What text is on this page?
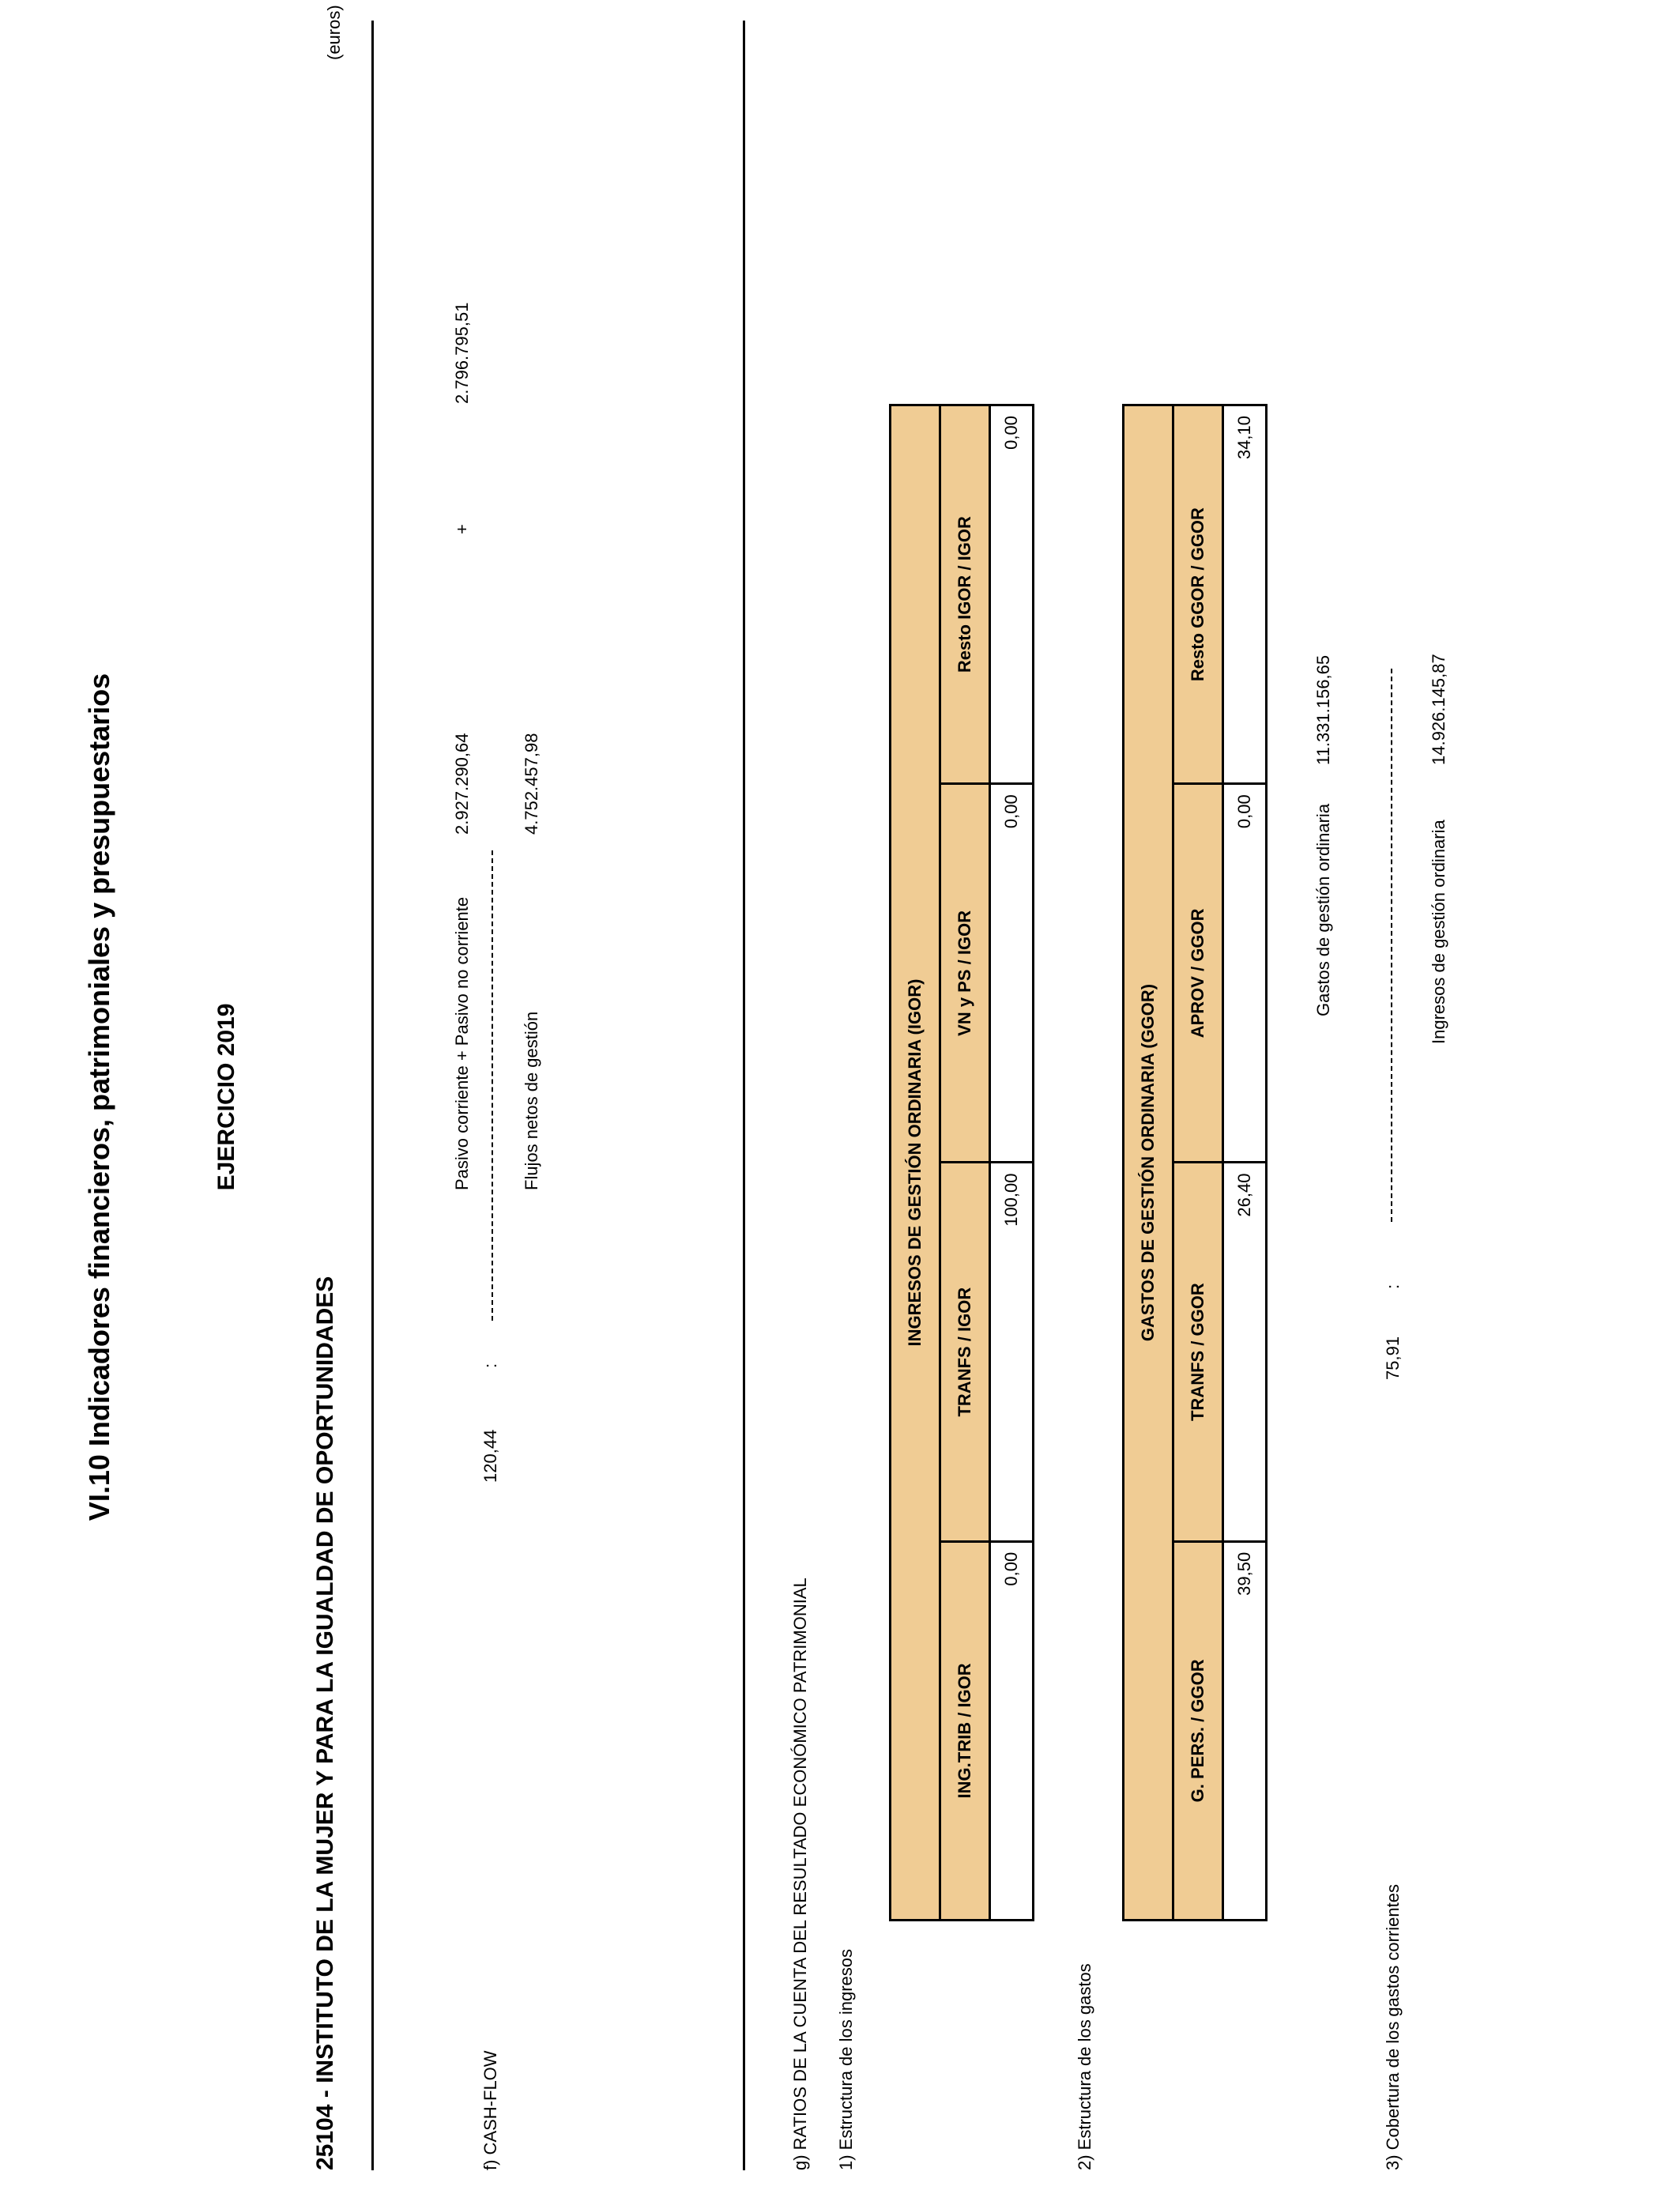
VI.10 Indicadores financieros, patrimoniales y presupuestarios	EJERCICIO 2019
25104 - INSTITUTO DE LA MUJER Y PARA LA IGUALDAD DE OPORTUNIDADES
(euros)
f) CASH-FLOW
120,44
:
Pasivo corriente + Pasivo no corriente
2.927.290,64
+
2.796.795,51
Flujos netos de gestión
4.752.457,98
g) RATIOS DE LA CUENTA DEL RESULTADO ECONÓMICO PATRIMONIAL 1) Estructura de los ingresos
INGRESOS DE GESTIÓN ORDINARIA (IGOR)			
ING.TRIB / IGOR	TRANFS / IGOR	VN y PS / IGOR	Resto IGOR / IGOR
0,00	100,00	0,00	0,00
2) Estructura de los gastos
GASTOS DE GESTIÓN ORDINARIA (GGOR)			
G. PERS. / GGOR	TRANFS / GGOR	APROV / GGOR	Resto GGOR / GGOR
39,50	26,40	0,00	34,10
3) Cobertura de los gastos corrientes
75,91
:
Gastos de gestión ordinaria
11.331.156,65
Ingresos de gestión ordinaria
14.926.145,87
